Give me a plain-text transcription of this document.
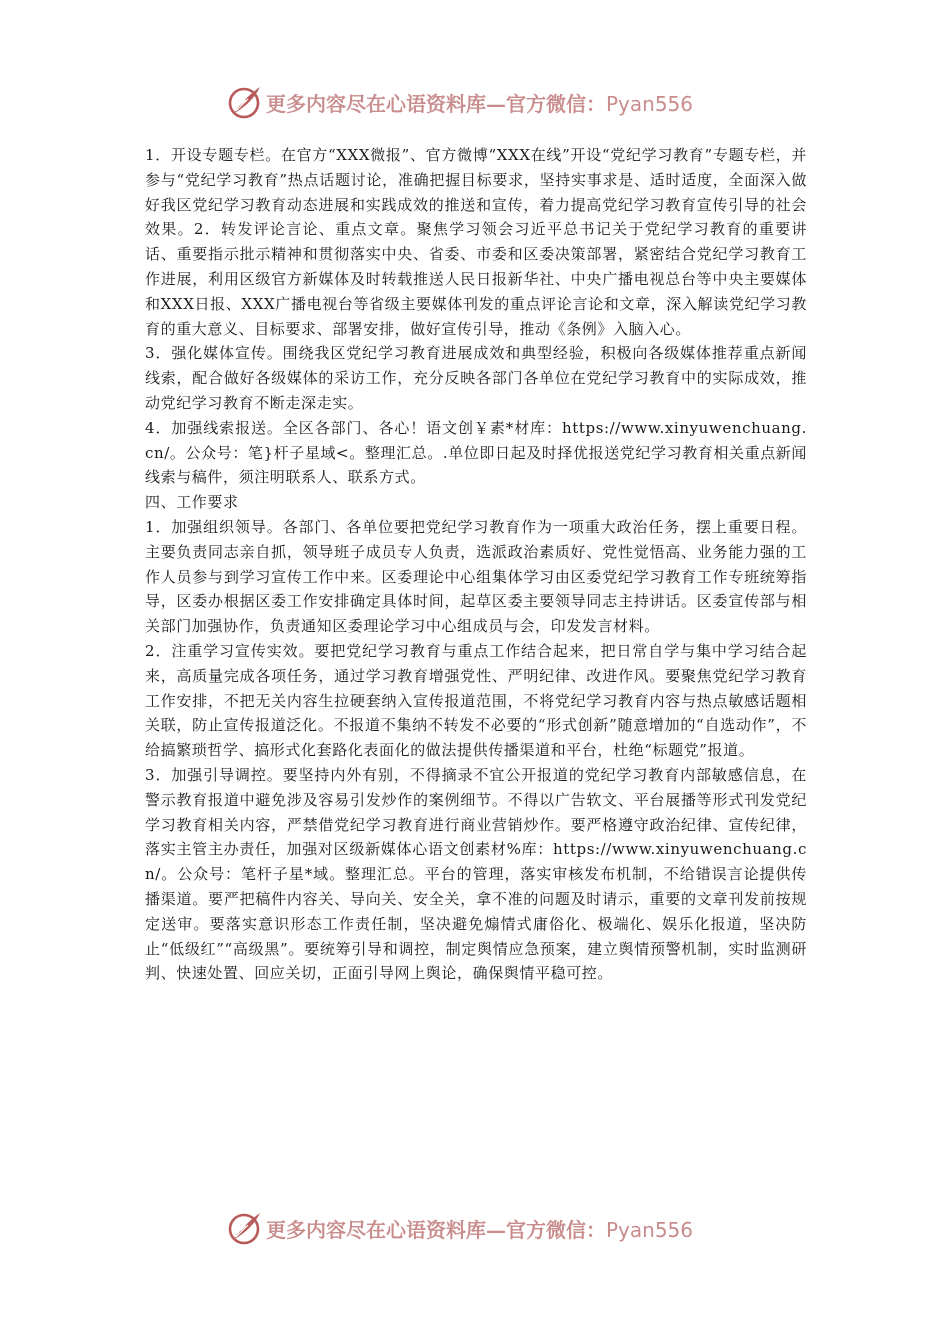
更多内容尽在心语资料库—官方微信：Pyan556

1．开设专题专栏。在官方“XXX微报”、官方微博“XXX在线”开设“党纪学习教育”专题专栏，并参与“党纪学习教育”热点话题讨论，准确把握目标要求，坚持实事求是、适时适度，全面深入做好我区党纪学习教育动态进展和实践成效的推送和宣传，着力提高党纪学习教育宣传引导的社会效果。2．转发评论言论、重点文章。聚焦学习领会习近平总书记关于党纪学习教育的重要讲话、重要指示批示精神和贯彻落实中央、省委、市委和区委决策部署，紧密结合党纪学习教育工作进展，利用区级官方新媒体及时转载推送人民日报新华社、中央广播电视总台等中央主要媒体和XXX日报、XXX广播电视台等省级主要媒体刊发的重点评论言论和文章，深入解读党纪学习教育的重大意义、目标要求、部署安排，做好宣传引导，推动《条例》入脑入心。

3．强化媒体宣传。围绕我区党纪学习教育进展成效和典型经验，积极向各级媒体推荐重点新闻线索，配合做好各级媒体的采访工作，充分反映各部门各单位在党纪学习教育中的实际成效，推动党纪学习教育不断走深走实。

4．加强线索报送。全区各部门、各心！语文创￥素*材库：https://www.xinyuwenchuang.cn/。公众号：笔}杆子星域<。整理汇总。.单位即日起及时择优报送党纪学习教育相关重点新闻线索与稿件，须注明联系人、联系方式。

四、工作要求

1．加强组织领导。各部门、各单位要把党纪学习教育作为一项重大政治任务，摆上重要日程。主要负责同志亲自抓，领导班子成员专人负责，选派政治素质好、党性觉悟高、业务能力强的工作人员参与到学习宣传工作中来。区委理论中心组集体学习由区委党纪学习教育工作专班统筹指导，区委办根据区委工作安排确定具体时间，起草区委主要领导同志主持讲话。区委宣传部与相关部门加强协作，负责通知区委理论学习中心组成员与会，印发发言材料。

2．注重学习宣传实效。要把党纪学习教育与重点工作结合起来，把日常自学与集中学习结合起来，高质量完成各项任务，通过学习教育增强党性、严明纪律、改进作风。要聚焦党纪学习教育工作安排，不把无关内容生拉硬套纳入宣传报道范围，不将党纪学习教育内容与热点敏感话题相关联，防止宣传报道泛化。不报道不集纳不转发不必要的“形式创新”随意增加的“自选动作”，不给搞繁琐哲学、搞形式化套路化表面化的做法提供传播渠道和平台，杜绝“标题党”报道。

3．加强引导调控。要坚持内外有别，不得摘录不宜公开报道的党纪学习教育内部敏感信息，在警示教育报道中避免涉及容易引发炒作的案例细节。不得以广告软文、平台展播等形式刊发党纪学习教育相关内容，严禁借党纪学习教育进行商业营销炒作。要严格遵守政治纪律、宣传纪律，落实主管主办责任，加强对区级新媒体心语文创素材%库：https://www.xinyuwenchuang.cn/。公众号：笔杆子星*域。整理汇总。平台的管理，落实审核发布机制，不给错误言论提供传播渠道。要严把稿件内容关、导向关、安全关，拿不准的问题及时请示，重要的文章刊发前按规定送审。要落实意识形态工作责任制，坚决避免煽情式庸俗化、极端化、娱乐化报道，坚决防止“低级红”“高级黑”。要统筹引导和调控，制定舆情应急预案，建立舆情预警机制，实时监测研判、快速处置、回应关切，正面引导网上舆论，确保舆情平稳可控。

更多内容尽在心语资料库—官方微信：Pyan556
